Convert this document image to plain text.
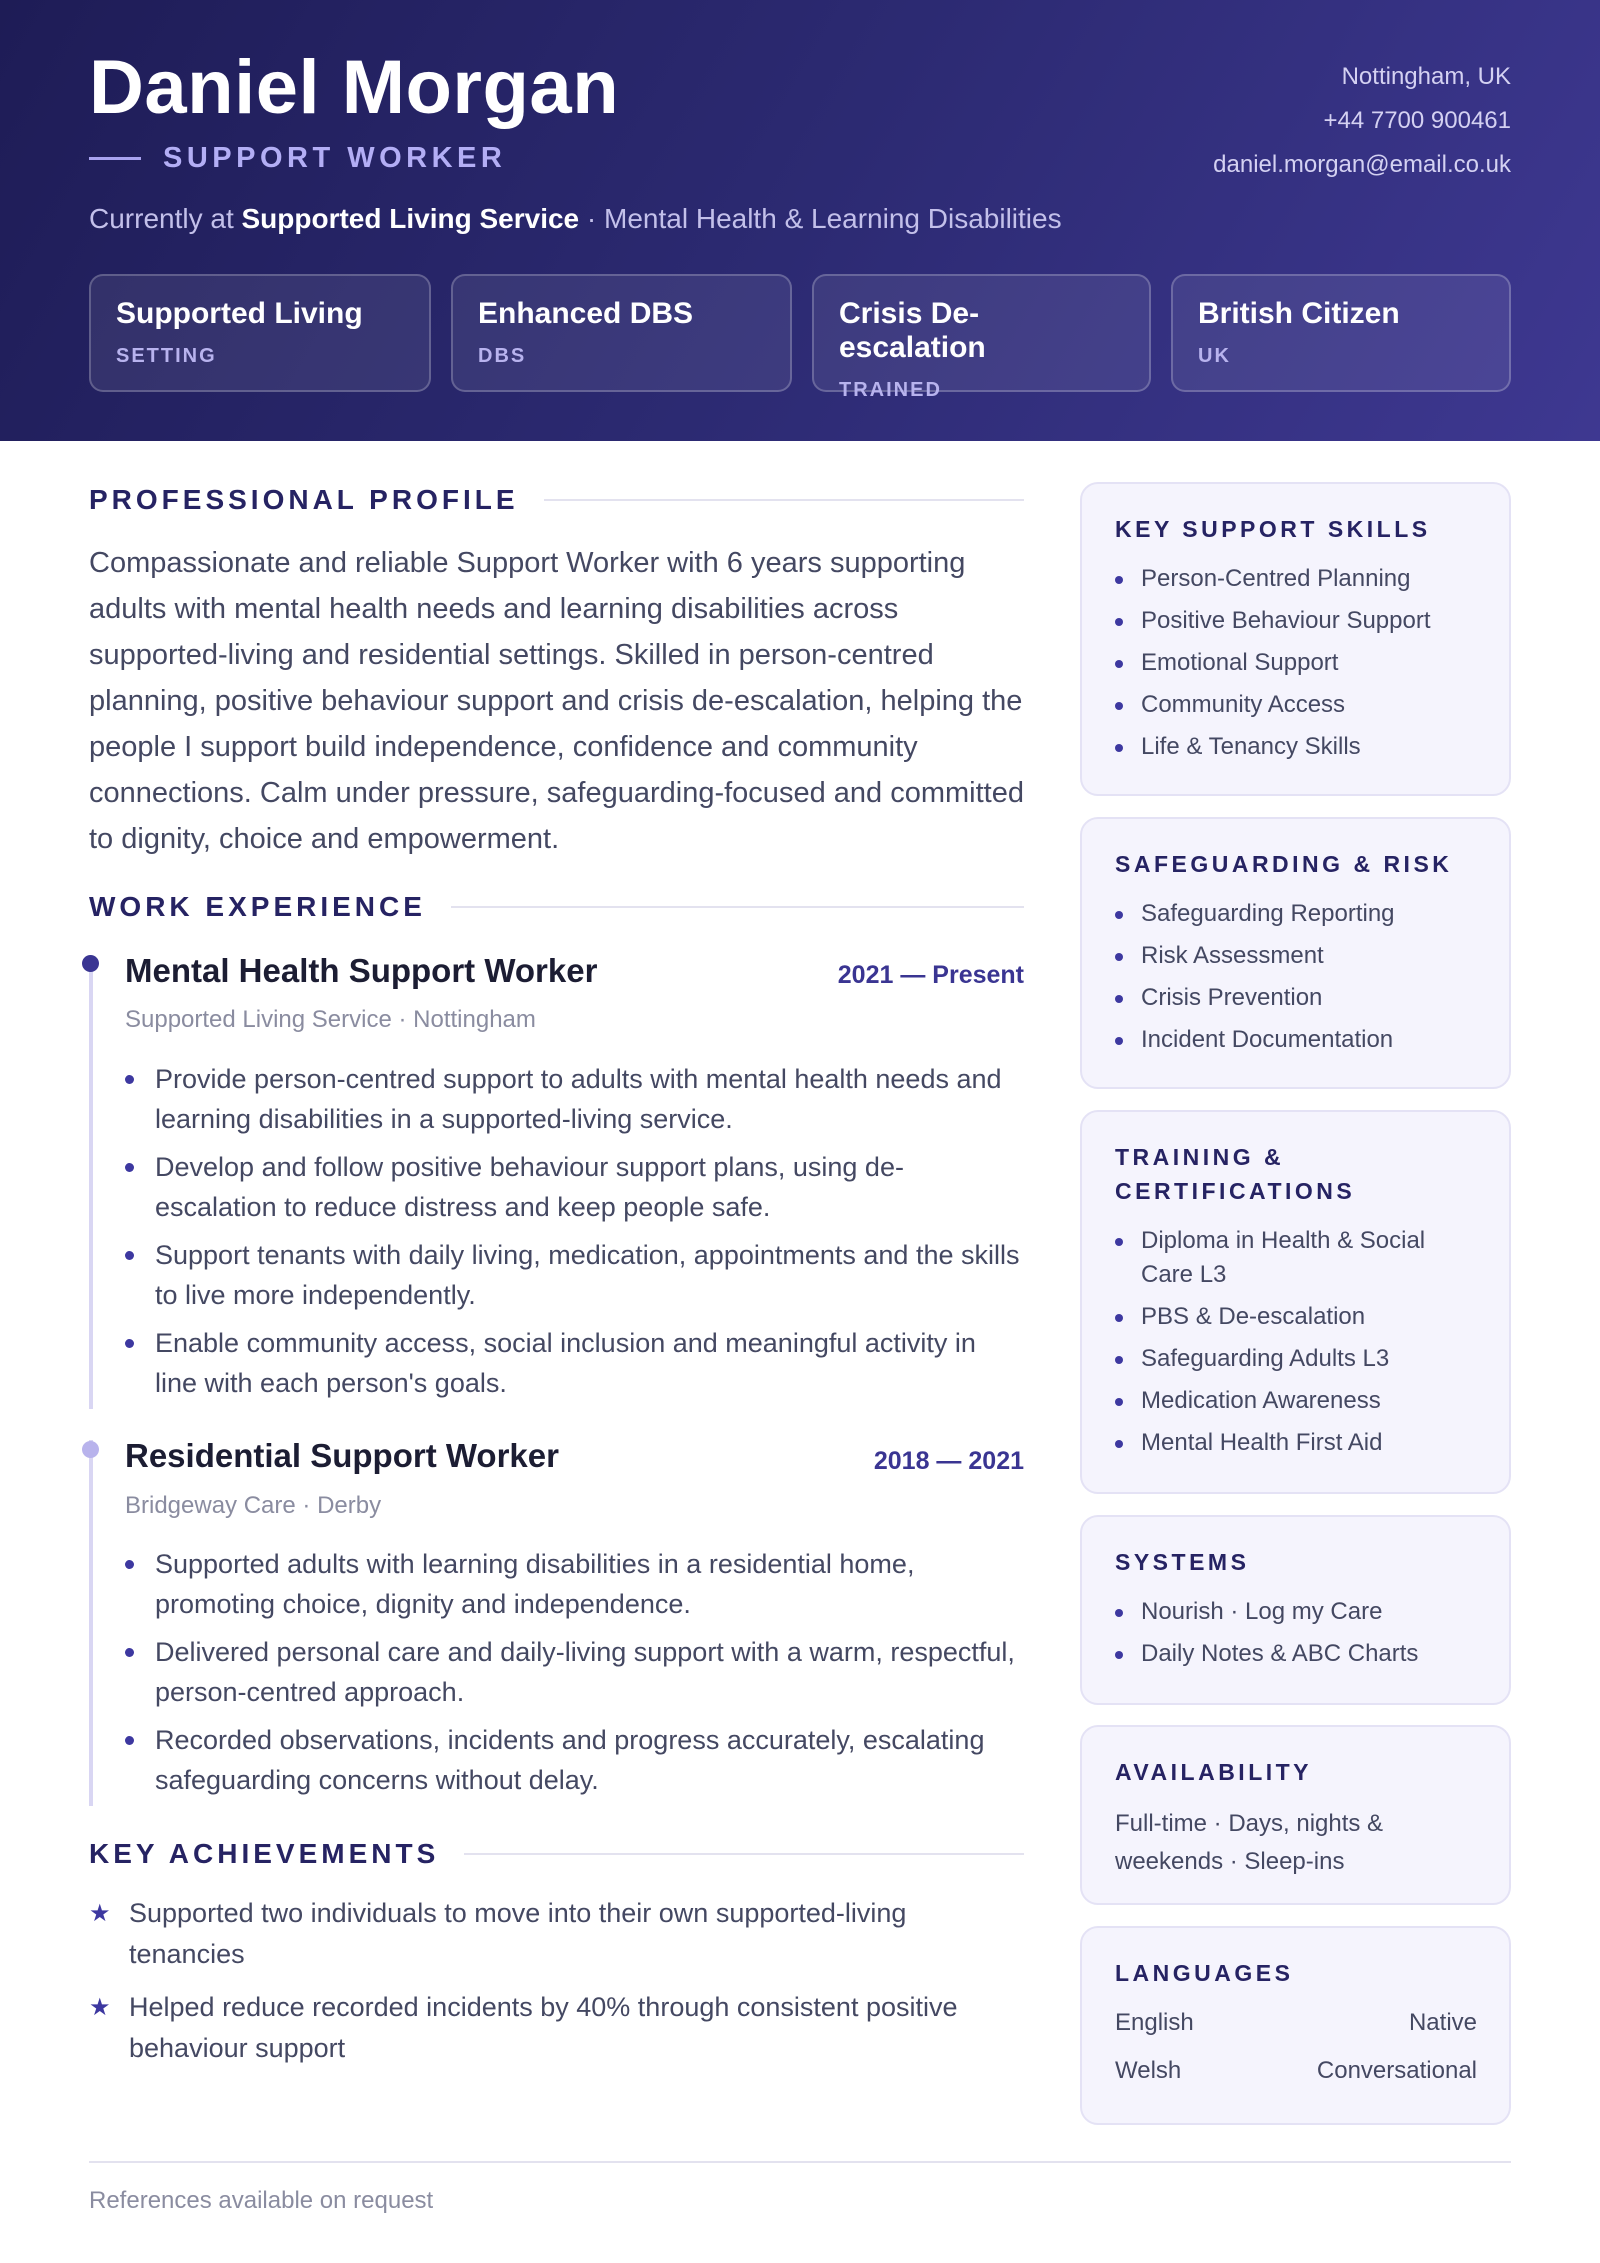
Daniel Morgan
SUPPORT WORKER
Currently at Supported Living Service · Mental Health & Learning Disabilities
Nottingham, UK
+44 7700 900461
daniel.morgan@email.co.uk
Supported Living
SETTING
Enhanced DBS
DBS
Crisis De-escalation
TRAINED
British Citizen
UK
PROFESSIONAL PROFILE

Compassionate and reliable Support Worker with 6 years supporting adults with mental health needs and learning disabilities across supported-living and residential settings. Skilled in person-centred planning, positive behaviour support and crisis de-escalation, helping the people I support build independence, confidence and community connections. Calm under pressure, safeguarding-focused and committed to dignity, choice and empowerment.

WORK EXPERIENCE
Mental Health Support Worker	2021 — Present
Supported Living Service · Nottingham
Provide person-centred support to adults with mental health needs and learning disabilities in a supported-living service.
Develop and follow positive behaviour support plans, using de-escalation to reduce distress and keep people safe.
Support tenants with daily living, medication, appointments and the skills to live more independently.
Enable community access, social inclusion and meaningful activity in line with each person's goals.
Residential Support Worker	2018 — 2021
Bridgeway Care · Derby
Supported adults with learning disabilities in a residential home, promoting choice, dignity and independence.
Delivered personal care and daily-living support with a warm, respectful, person-centred approach.
Recorded observations, incidents and progress accurately, escalating safeguarding concerns without delay.
KEY ACHIEVEMENTS
★ Supported two individuals to move into their own supported-living tenancies
★ Helped reduce recorded incidents by 40% through consistent positive behaviour support
KEY SUPPORT SKILLS
Person-Centred Planning
Positive Behaviour Support
Emotional Support
Community Access
Life & Tenancy Skills
SAFEGUARDING & RISK
Safeguarding Reporting
Risk Assessment
Crisis Prevention
Incident Documentation
TRAINING & CERTIFICATIONS
Diploma in Health & Social Care L3
PBS & De-escalation
Safeguarding Adults L3
Medication Awareness
Mental Health First Aid
SYSTEMS
Nourish · Log my Care
Daily Notes & ABC Charts
AVAILABILITY

Full-time · Days, nights & weekends · Sleep-ins

LANGUAGES
English	Native
Welsh	Conversational
References available on request
